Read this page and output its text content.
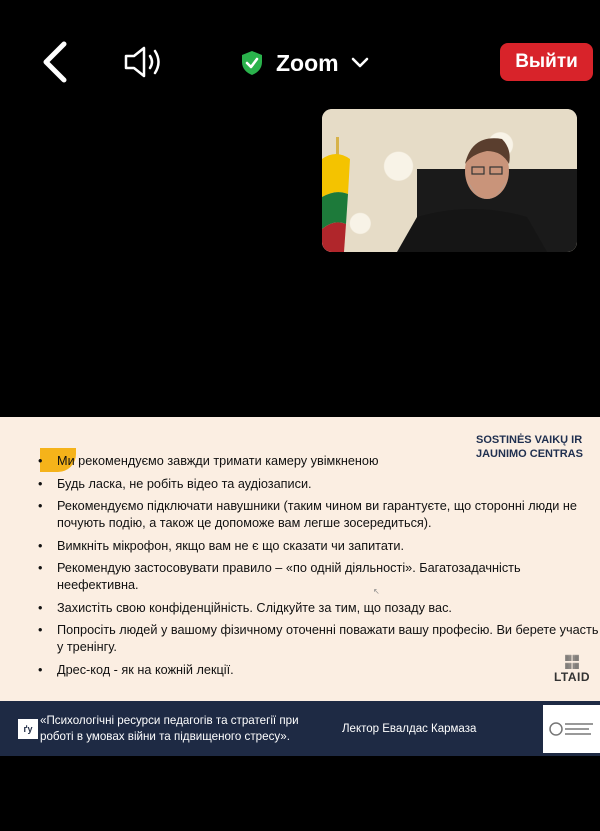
Zoom	Выйти
SOSTINĖS VAIKŲ IR
JAUNIMO CENTRAS
• Ми рекомендуємо завжди тримати камеру увімкненою
• Будь ласка, не робіть відео та аудіозаписи.
• Рекомендуємо підключати навушники (таким чином ви гарантуєте, що сторонні люди не почують подію, а також це допоможе вам легше зосередиться).
• Вимкніть мікрофон, якщо вам не є що сказати чи запитати.
• Рекомендую застосовувати правило – «по одній діяльності». Багатозадачність неефективна.
• Захистіть свою конфіденційність. Слідкуйте за тим, що позаду вас.
• Попросіть людей у вашому фізичному оточенні поважати вашу професію. Ви берете участь у тренінгу.
• Дрес-код - як на кожній лекції.
↖
▦▦
▦▦
LTAID
ґу
«Психологічні ресурси педагогів та стратегії при роботі в умовах війни та підвищеного стресу».
Лектор Евалдас Кармаза
